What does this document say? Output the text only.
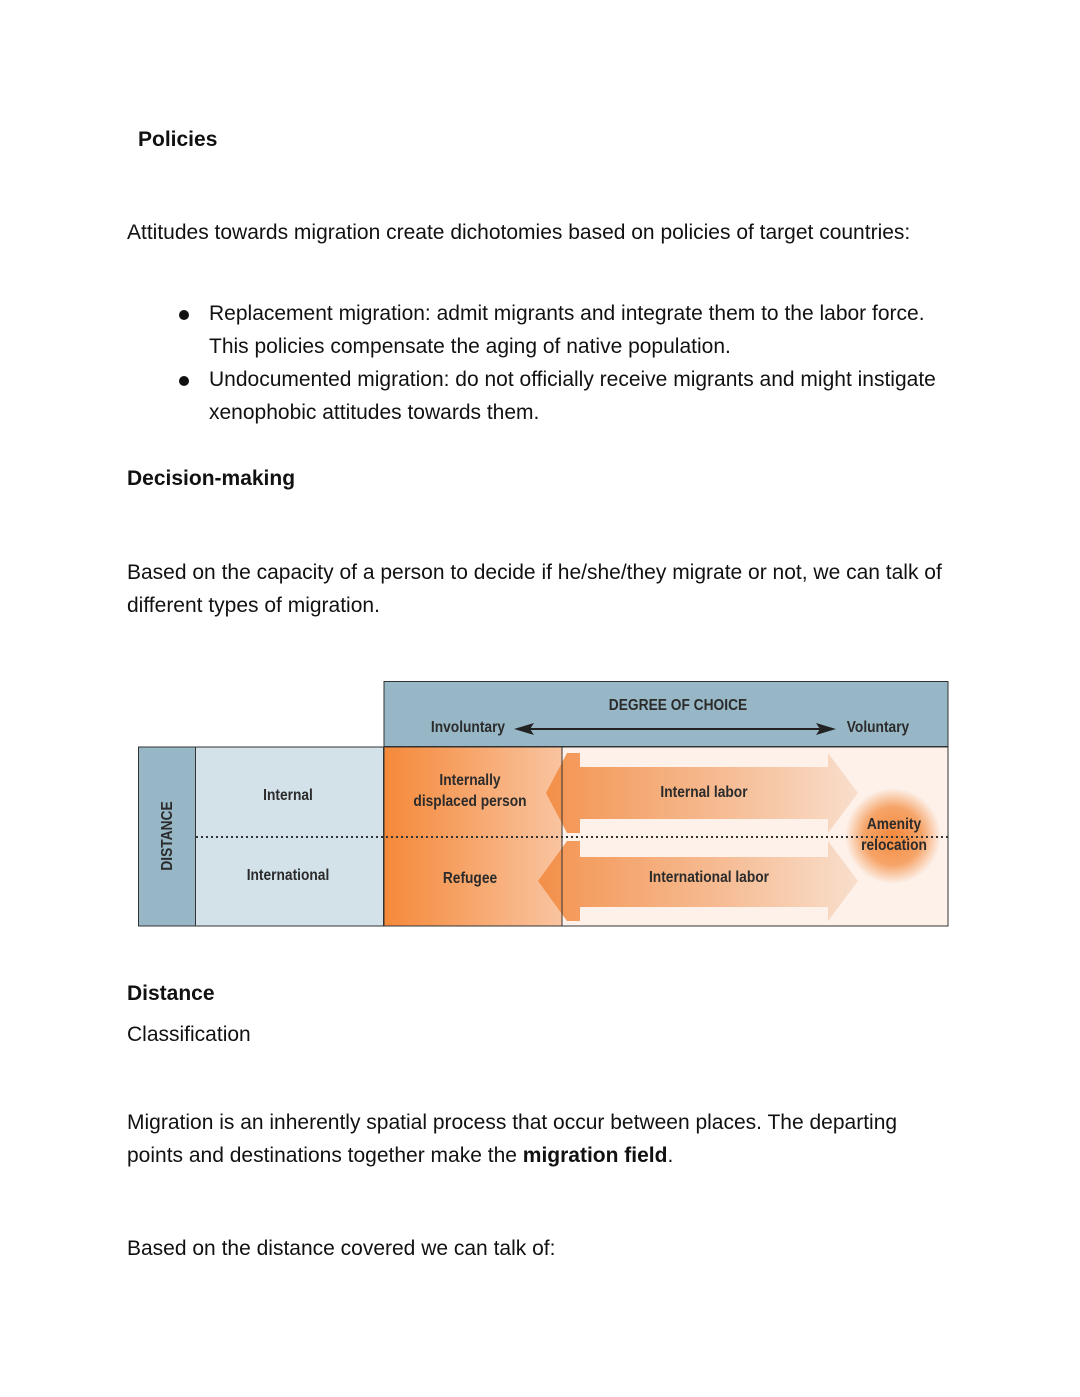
Policies
Attitudes towards migration create dichotomies based on policies of target countries:
Replacement migration: admit migrants and integrate them to the labor force. This policies compensate the aging of native population.
Undocumented migration: do not officially receive migrants and might instigate xenophobic attitudes towards them.
Decision-making
Based on the capacity of a person to decide if he/she/they migrate or not, we can talk of different types of migration.
DEGREE OF CHOICE
Involuntary	Voluntary
DISTANCE
Internal
International
Internally displaced person
Refugee
Internal labor
International labor
Amenity relocation
Distance
Classification
Migration is an inherently spatial process that occur between places. The departing points and destinations together make the migration field.
Based on the distance covered we can talk of:
